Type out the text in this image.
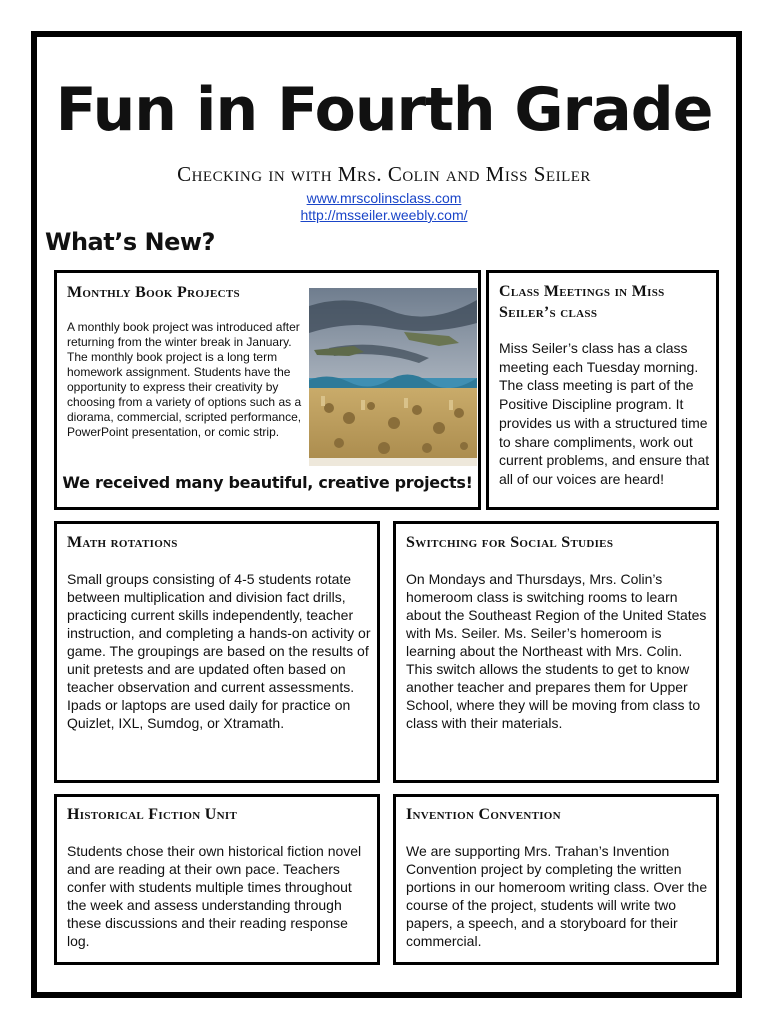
Fun in Fourth Grade
Checking in with Mrs. Colin and Miss Seiler
www.mrscolinsclass.com
http://msseiler.weebly.com/
What’s New?
Monthly Book Projects

A monthly book project was introduced after returning from the winter break in January. The monthly book project is a long term homework assignment. Students have the opportunity to express their creativity by choosing from a variety of options such as a diorama, commercial, scripted performance, PowerPoint presentation, or comic strip.

We received many beautiful, creative projects!
Class Meetings in Miss Seiler’s class

Miss Seiler’s class has a class meeting each Tuesday morning. The class meeting is part of the Positive Discipline program. It provides us with a structured time to share compliments, work out current problems, and ensure that all of our voices are heard!

Math rotations

Small groups consisting of 4-5 students rotate between multiplication and division fact drills, practicing current skills independently, teacher instruction, and completing a hands-on activity or game. The groupings are based on the results of unit pretests and are updated often based on teacher observation and current assessments. Ipads or laptops are used daily for practice on Quizlet, IXL, Sumdog, or Xtramath.

Switching for Social Studies

On Mondays and Thursdays, Mrs. Colin’s homeroom class is switching rooms to learn about the Southeast Region of the United States with Ms. Seiler. Ms. Seiler’s homeroom is learning about the Northeast with Mrs. Colin. This switch allows the students to get to know another teacher and prepares them for Upper School, where they will be moving from class to class with their materials.

Historical Fiction Unit

Students chose their own historical fiction novel and are reading at their own pace. Teachers confer with students multiple times throughout the week and assess understanding through these discussions and their reading response log.

Invention Convention

We are supporting Mrs. Trahan’s Invention Convention project by completing the written portions in our homeroom writing class. Over the course of the project, students will write two papers, a speech, and a storyboard for their commercial.
